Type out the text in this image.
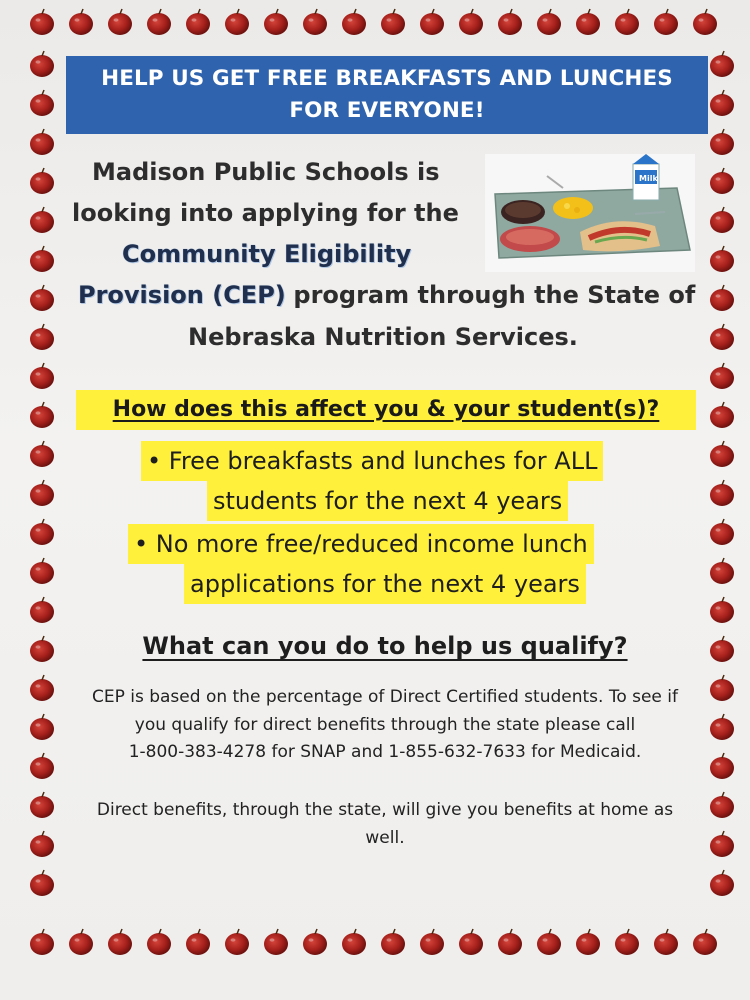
HELP US GET FREE BREAKFASTS AND LUNCHES
FOR EVERYONE!
Madison Public Schools is
looking into applying for the
Community Eligibility
Provision (CEP) program through the State of
Nebraska Nutrition Services.
Milk
How does this affect you & your student(s)?
• Free breakfasts and lunches for ALL
students for the next 4 years
• No more free/reduced income lunch
applications for the next 4 years
What can you do to help us qualify?
CEP is based on the percentage of Direct Certified students. To see if
you qualify for direct benefits through the state please call
1-800-383-4278 for SNAP and 1-855-632-7633 for Medicaid.
Direct benefits, through the state, will give you benefits at home as
well.
